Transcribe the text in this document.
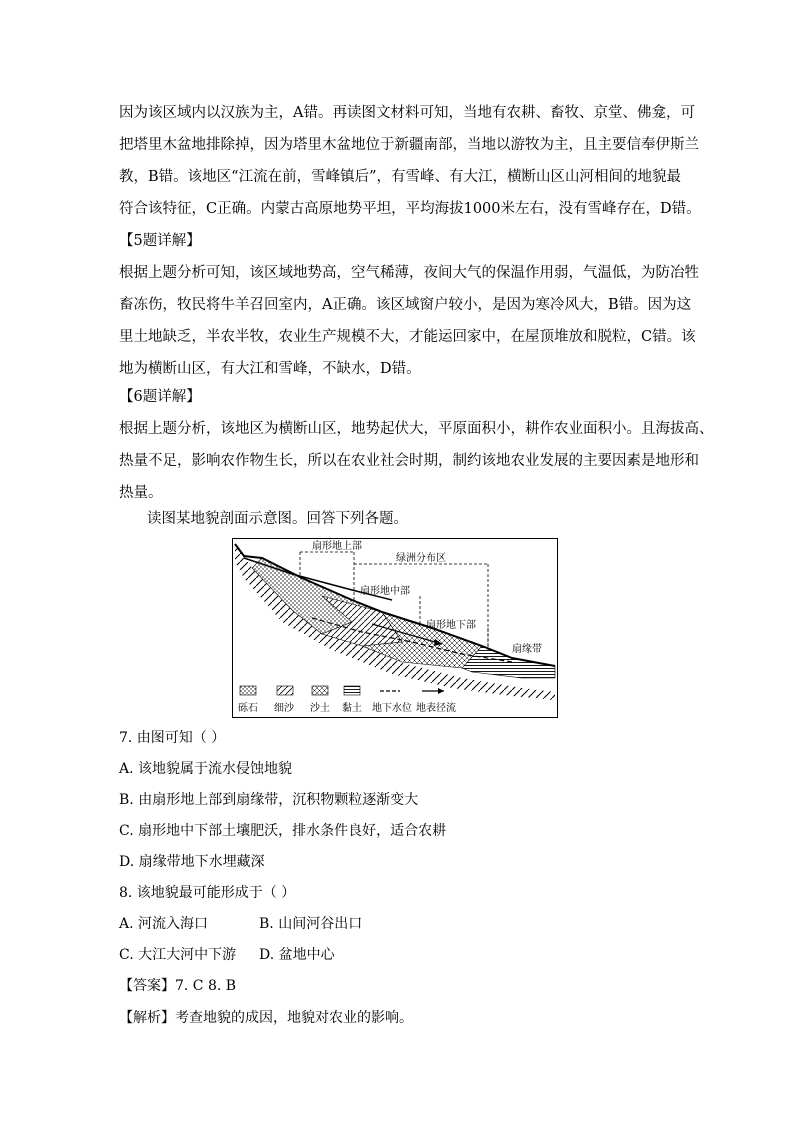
因为该区域内以汉族为主，A错。再读图文材料可知，当地有农耕、畜牧、京堂、佛龛，可
把塔里木盆地排除掉，因为塔里木盆地位于新疆南部，当地以游牧为主，且主要信奉伊斯兰
教，B错。该地区“江流在前，雪峰镇后”，有雪峰、有大江，横断山区山河相间的地貌最
符合该特征，C正确。内蒙古高原地势平坦，平均海拔1000米左右，没有雪峰存在，D错。
【5题详解】
根据上题分析可知，该区域地势高，空气稀薄，夜间大气的保温作用弱，气温低，为防冶牲
畜冻伤，牧民将牛羊召回室内，A正确。该区域窗户较小，是因为寒冷风大，B错。因为这
里土地缺乏，半农半牧，农业生产规模不大，才能运回家中，在屋顶堆放和脱粒，C错。该
地为横断山区，有大江和雪峰，不缺水，D错。
【6题详解】
根据上题分析，该地区为横断山区，地势起伏大，平原面积小，耕作农业面积小。且海拔高、
热量不足，影响农作物生长，所以在农业社会时期，制约该地农业发展的主要因素是地形和
热量。
读图某地貌剖面示意图。回答下列各题。
扇形地上部
绿洲分布区
扇形地中部
扇形地下部
扇缘带
砾石 细沙 沙土 黏土 地下水位 地表径流
7. 由图可知（ ）
A. 该地貌属于流水侵蚀地貌
B. 由扇形地上部到扇缘带，沉积物颗粒逐渐变大
C. 扇形地中下部土壤肥沃，排水条件良好，适合农耕
D. 扇缘带地下水埋藏深
8. 该地貌最可能形成于（ ）
A. 河流入海口	B. 山间河谷出口
C. 大江大河中下游 D. 盆地中心
【答案】7. C 8. B
【解析】考查地貌的成因，地貌对农业的影响。
